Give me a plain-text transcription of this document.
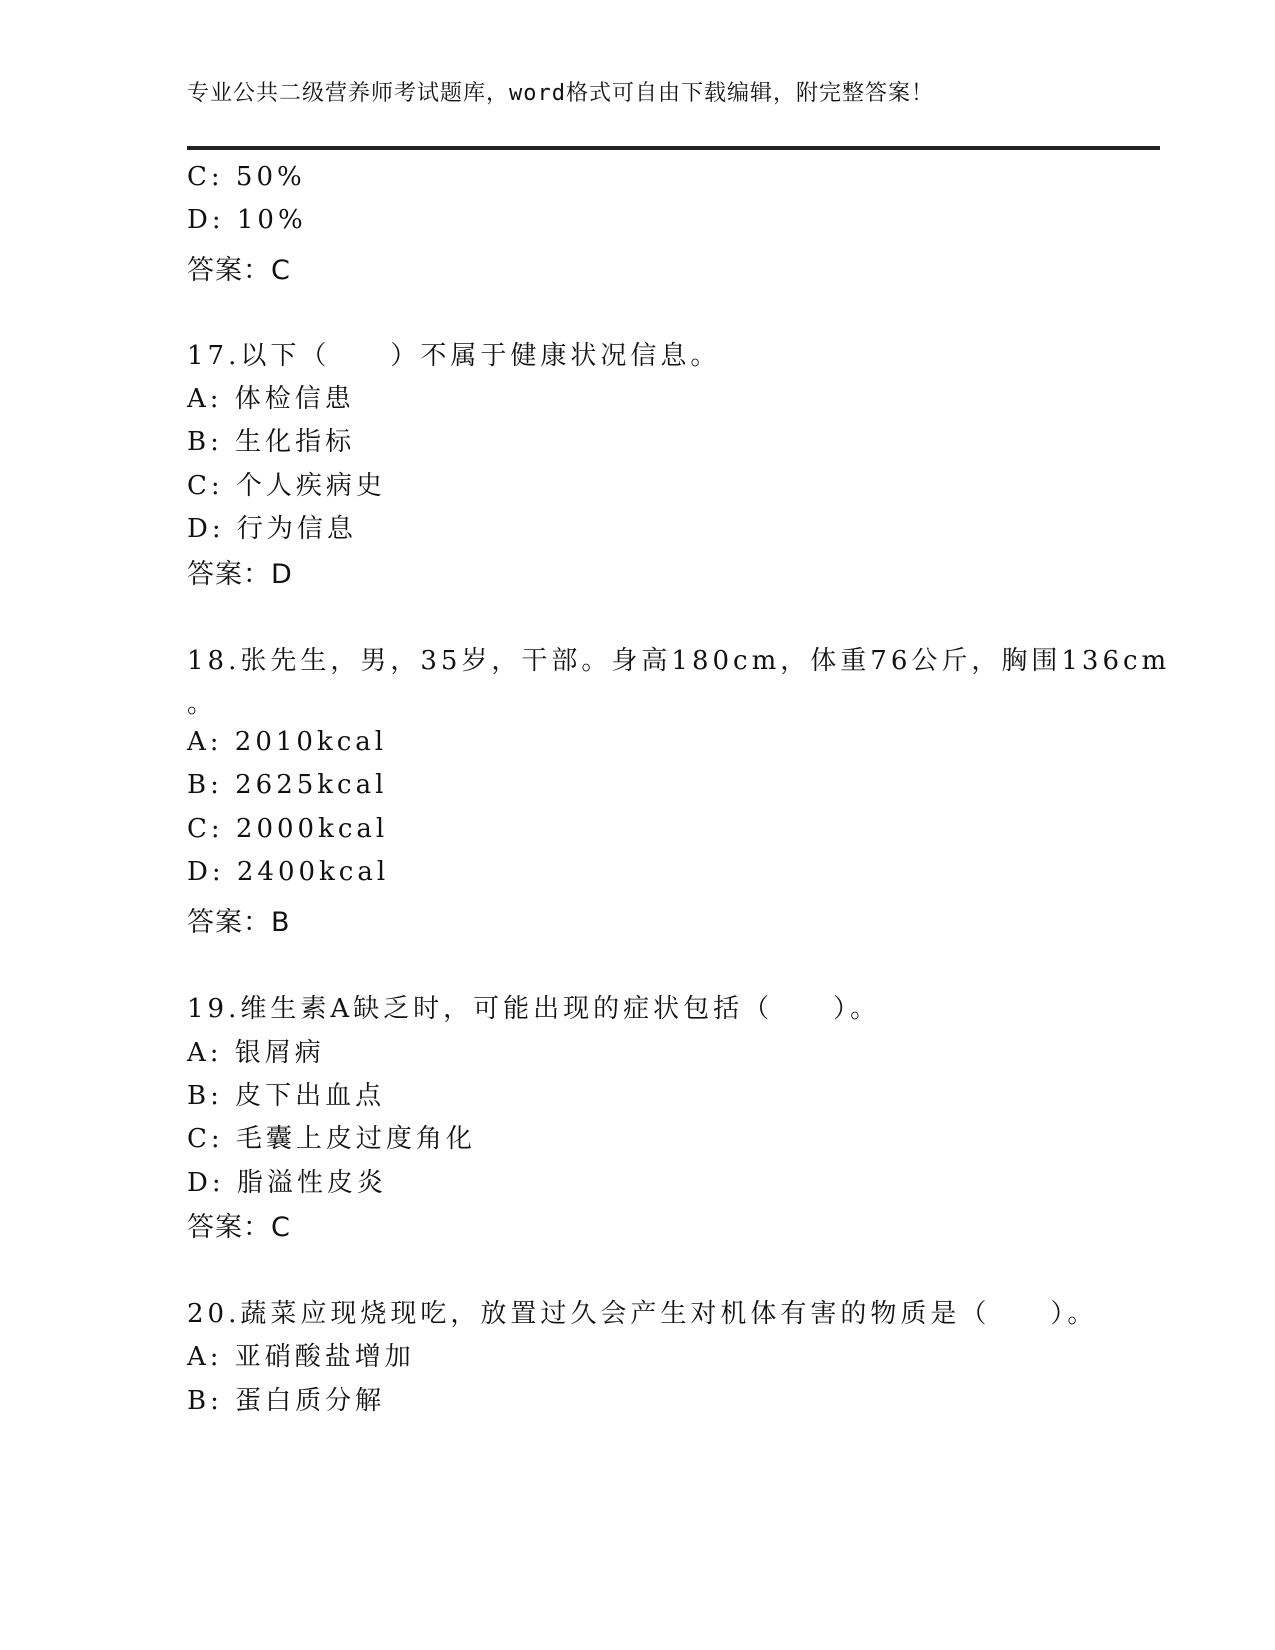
专业公共二级营养师考试题库，word格式可自由下载编辑，附完整答案！
C: 50%
D: 10%
答案：C
17.以下（　　）不属于健康状况信息。
A: 体检信患
B: 生化指标
C: 个人疾病史
D: 行为信息
答案：D
18.张先生，男，35岁，干部。身高180cm，体重76公斤，胸围136cm
。
A: 2010kcal
B: 2625kcal
C: 2000kcal
D: 2400kcal
答案：B
19.维生素A缺乏时，可能出现的症状包括（　　）。
A: 银屑病
B: 皮下出血点
C: 毛囊上皮过度角化
D: 脂溢性皮炎
答案：C
20.蔬菜应现烧现吃，放置过久会产生对机体有害的物质是（　　）。
A: 亚硝酸盐增加
B: 蛋白质分解
